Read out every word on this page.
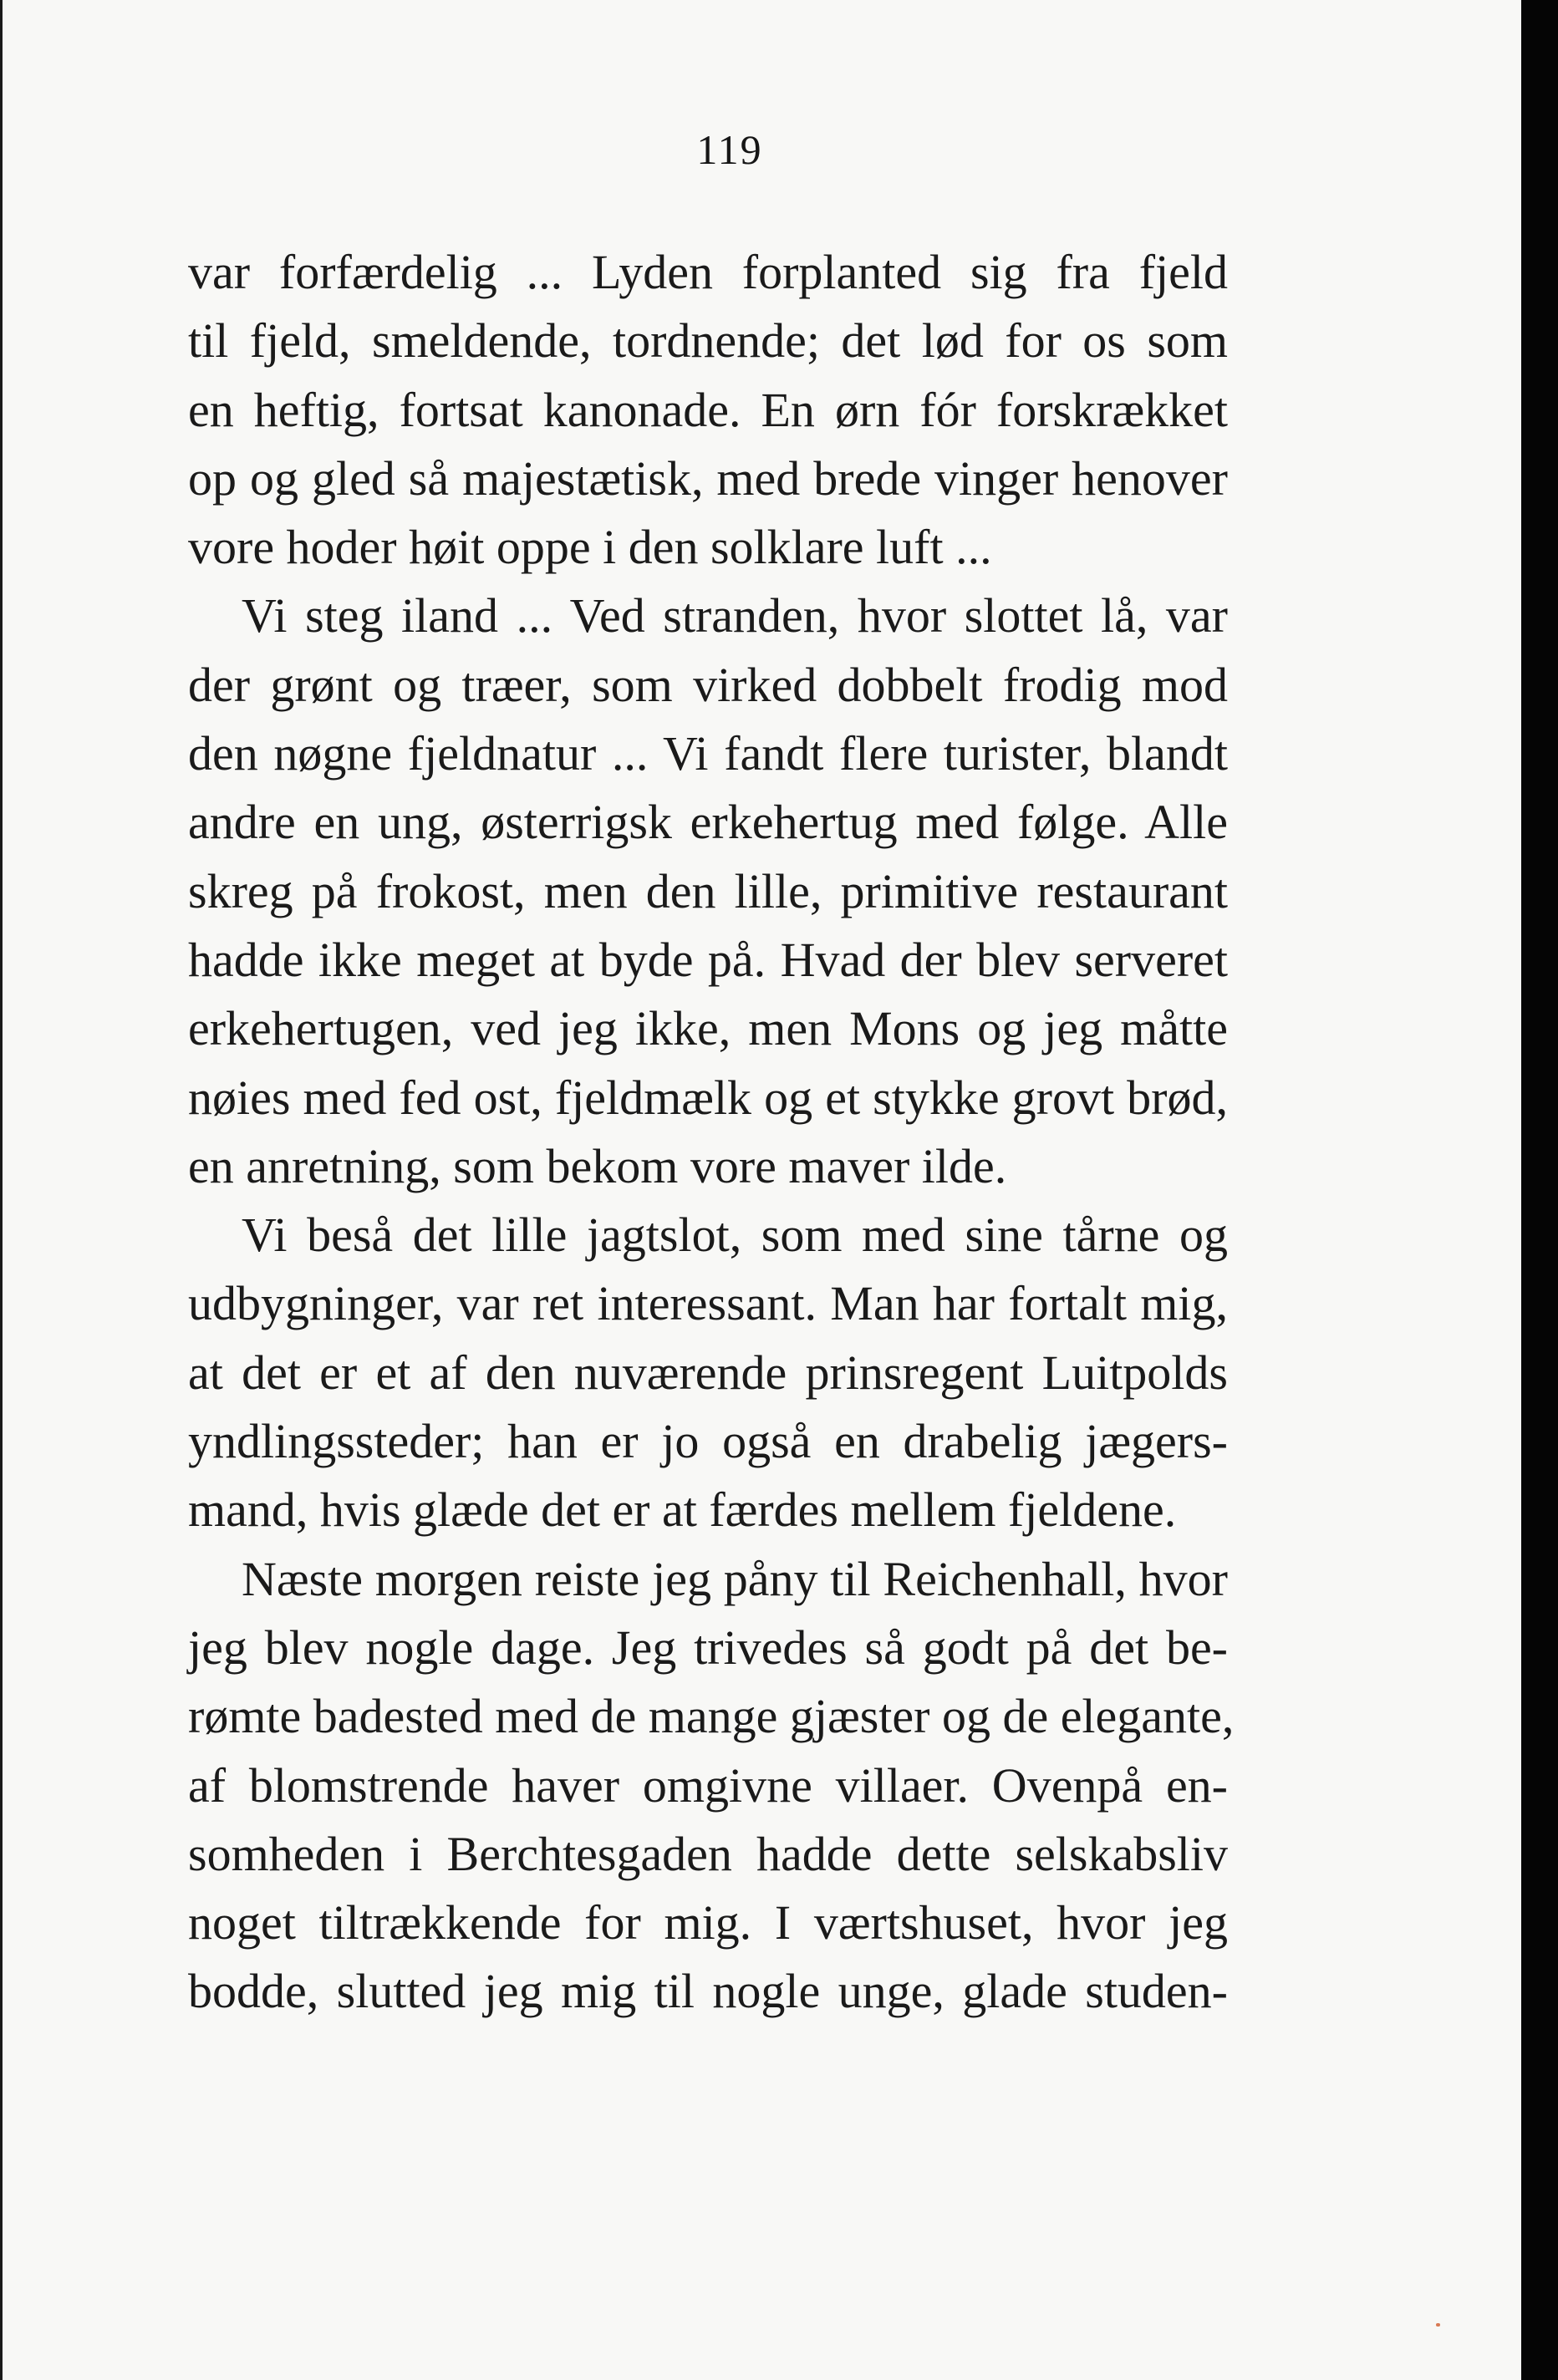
119
var forfærdelig ... Lyden forplanted sig fra fjeld
til fjeld, smeldende, tordnende; det lød for os som
en heftig, fortsat kanonade. En ørn fór forskrækket
op og gled så majestætisk, med brede vinger henover
vore hoder høit oppe i den solklare luft ...
Vi steg iland ... Ved stranden, hvor slottet lå, var
der grønt og træer, som virked dobbelt frodig mod
den nøgne fjeldnatur ... Vi fandt flere turister, blandt
andre en ung, østerrigsk erkehertug med følge. Alle
skreg på frokost, men den lille, primitive restaurant
hadde ikke meget at byde på. Hvad der blev serveret
erkehertugen, ved jeg ikke, men Mons og jeg måtte
nøies med fed ost, fjeldmælk og et stykke grovt brød,
en anretning, som bekom vore maver ilde.
Vi beså det lille jagtslot, som med sine tårne og
udbygninger, var ret interessant. Man har fortalt mig,
at det er et af den nuværende prinsregent Luitpolds
yndlingssteder; han er jo også en drabelig jægers-
mand, hvis glæde det er at færdes mellem fjeldene.
Næste morgen reiste jeg pånу til Reichenhall, hvor
jeg blev nogle dage. Jeg trivedes så godt på det be-
rømte badested med de mange gjæster og de elegante,
af blomstrende haver omgivne villaer. Ovenpå en-
somheden i Berchtesgaden hadde dette selskabsliv
noget tiltrækkende for mig. I værtshuset, hvor jeg
bodde, slutted jeg mig til nogle unge, glade studen-
